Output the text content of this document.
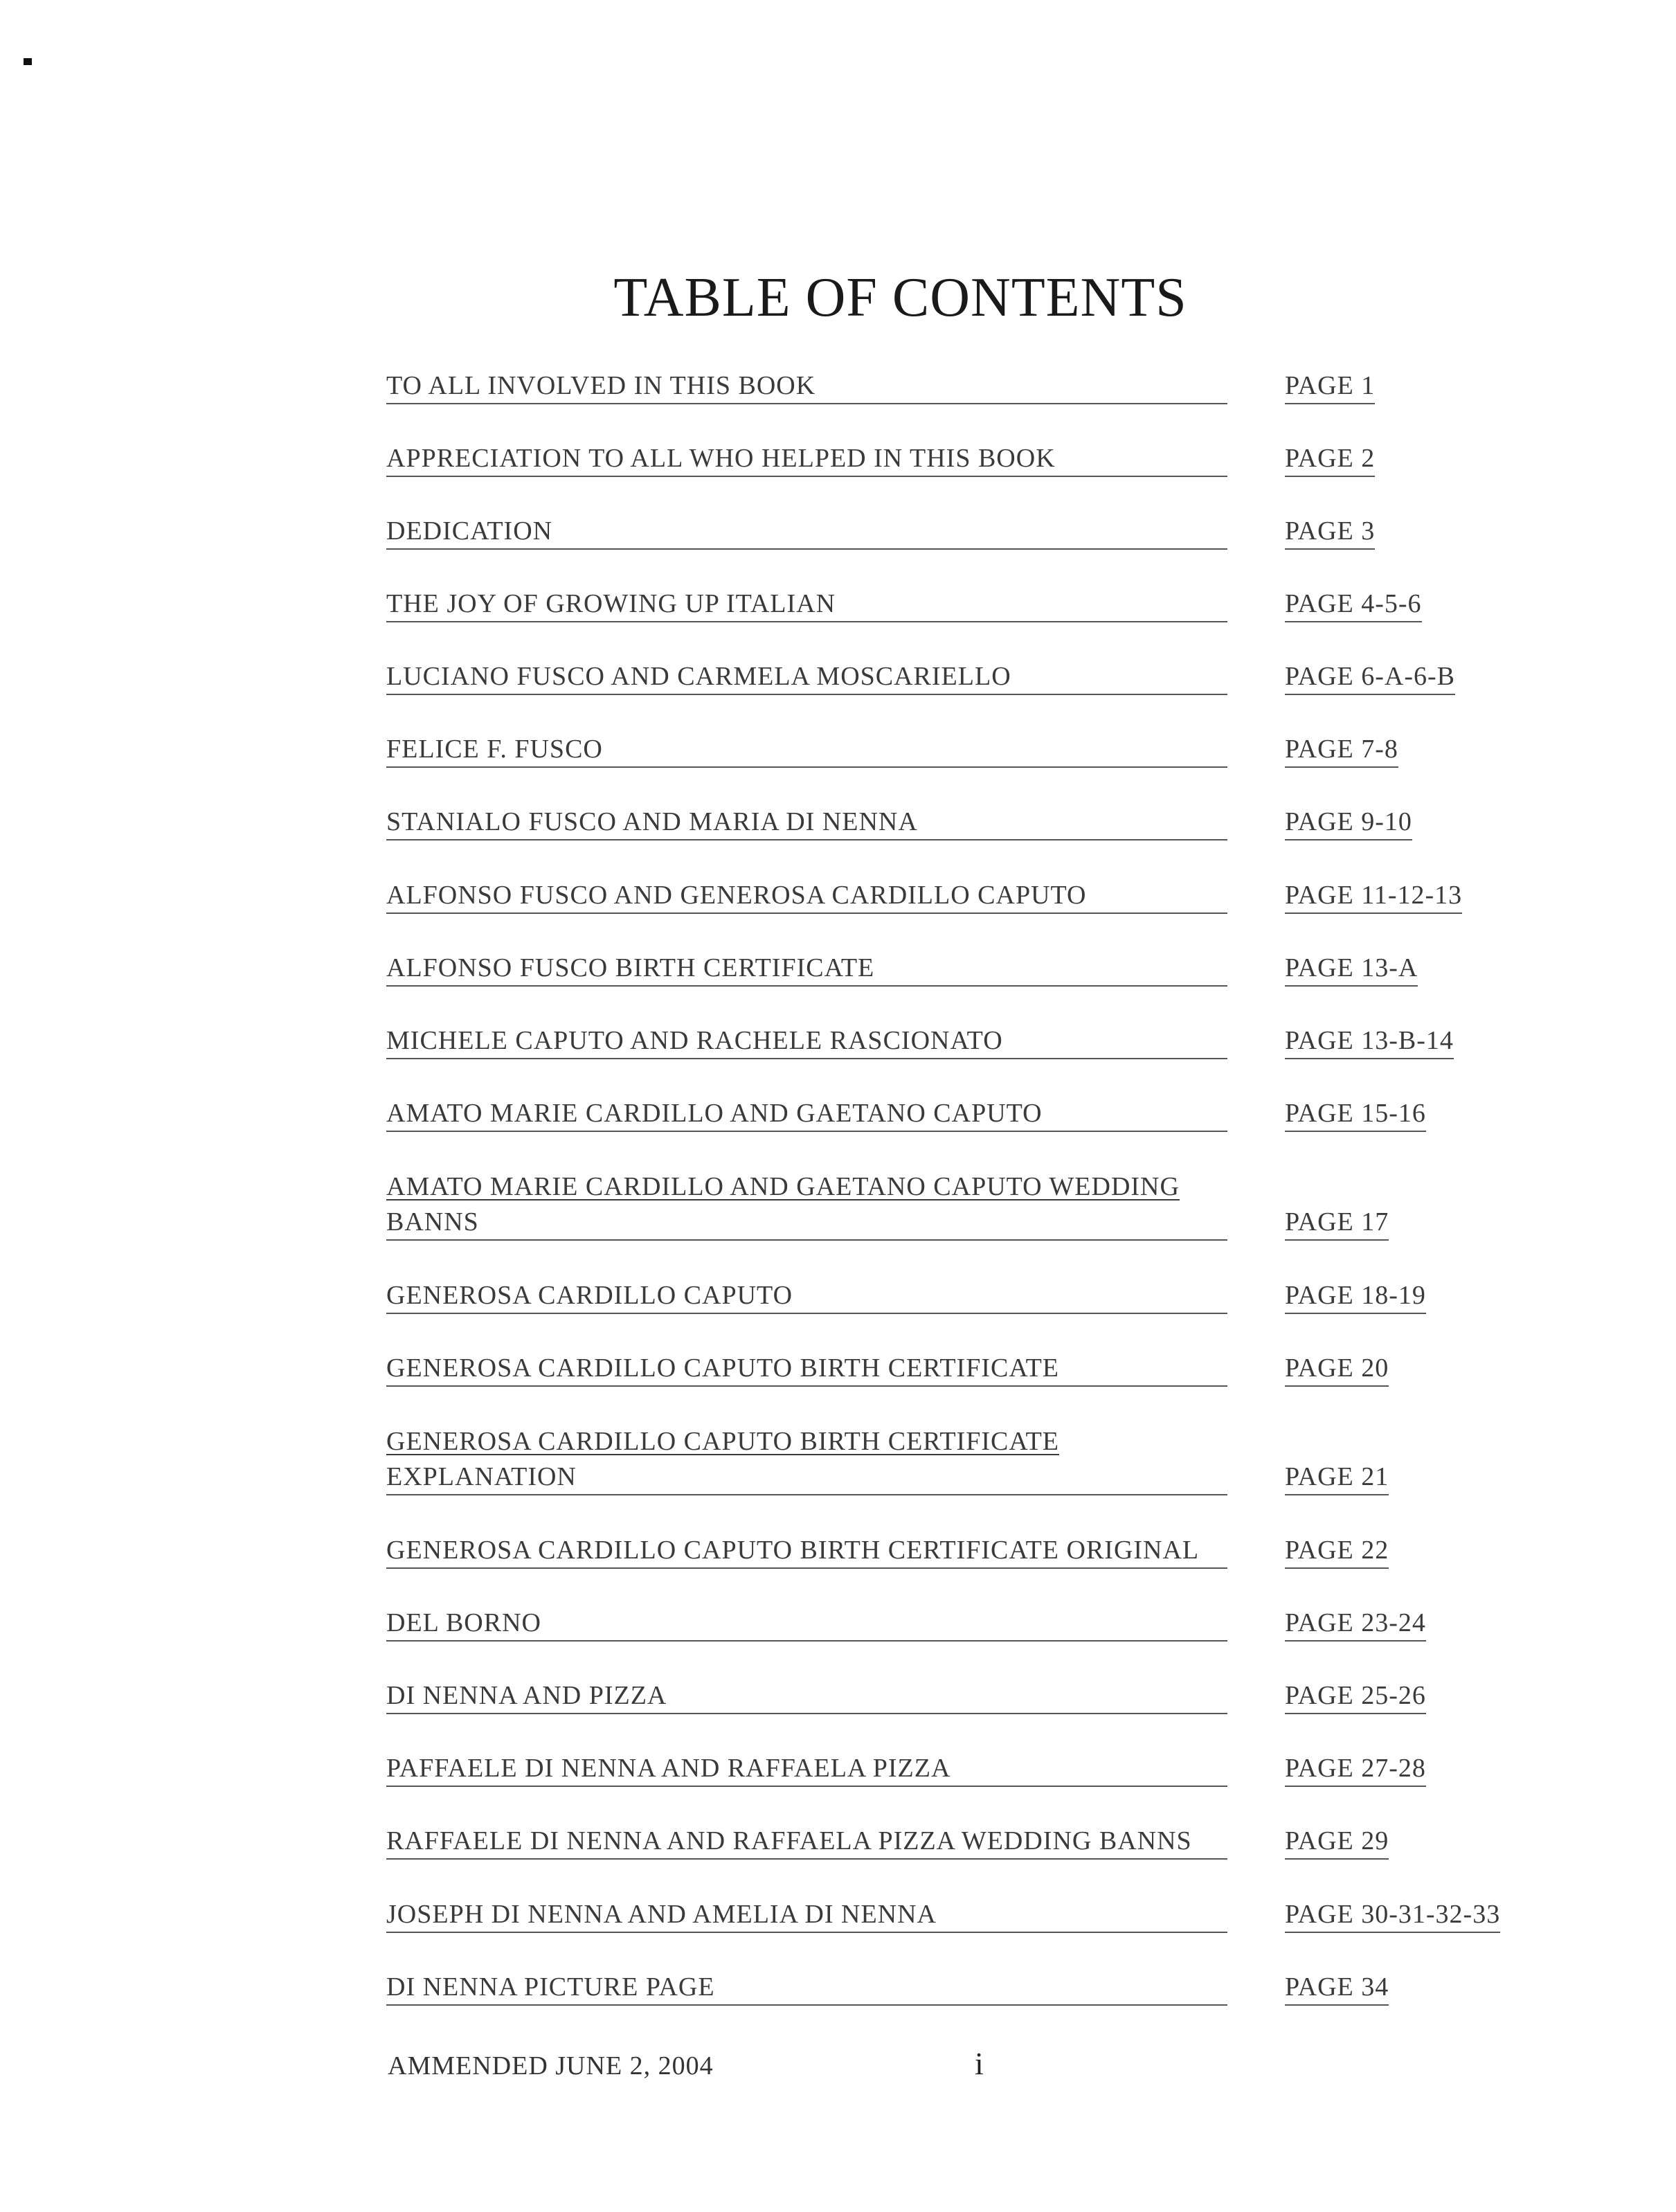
TABLE OF CONTENTS
TO ALL INVOLVED IN THIS BOOK	PAGE 1
APPRECIATION TO ALL WHO HELPED IN THIS BOOK	PAGE 2
DEDICATION	PAGE 3
THE JOY OF GROWING UP ITALIAN	PAGE 4-5-6
LUCIANO FUSCO AND CARMELA MOSCARIELLO	PAGE 6-A-6-B
FELICE F. FUSCO	PAGE 7-8
STANIALO FUSCO AND MARIA DI NENNA	PAGE 9-10
ALFONSO FUSCO AND GENEROSA CARDILLO CAPUTO	PAGE 11-12-13
ALFONSO FUSCO BIRTH CERTIFICATE	PAGE 13-A
MICHELE CAPUTO AND RACHELE RASCIONATO	PAGE 13-B-14
AMATO MARIE CARDILLO AND GAETANO CAPUTO	PAGE 15-16
AMATO MARIE CARDILLO AND GAETANO CAPUTO WEDDING
BANNS	PAGE 17
GENEROSA CARDILLO CAPUTO	PAGE 18-19
GENEROSA CARDILLO CAPUTO BIRTH CERTIFICATE	PAGE 20
GENEROSA CARDILLO CAPUTO BIRTH CERTIFICATE
EXPLANATION	PAGE 21
GENEROSA CARDILLO CAPUTO BIRTH CERTIFICATE ORIGINAL	PAGE 22
DEL BORNO	PAGE 23-24
DI NENNA AND PIZZA	PAGE 25-26
PAFFAELE DI NENNA AND RAFFAELA PIZZA	PAGE 27-28
RAFFAELE DI NENNA AND RAFFAELA PIZZA WEDDING BANNS	PAGE 29
JOSEPH DI NENNA AND AMELIA DI NENNA	PAGE 30-31-32-33
DI NENNA PICTURE PAGE	PAGE 34
AMMENDED JUNE 2, 2004	i
